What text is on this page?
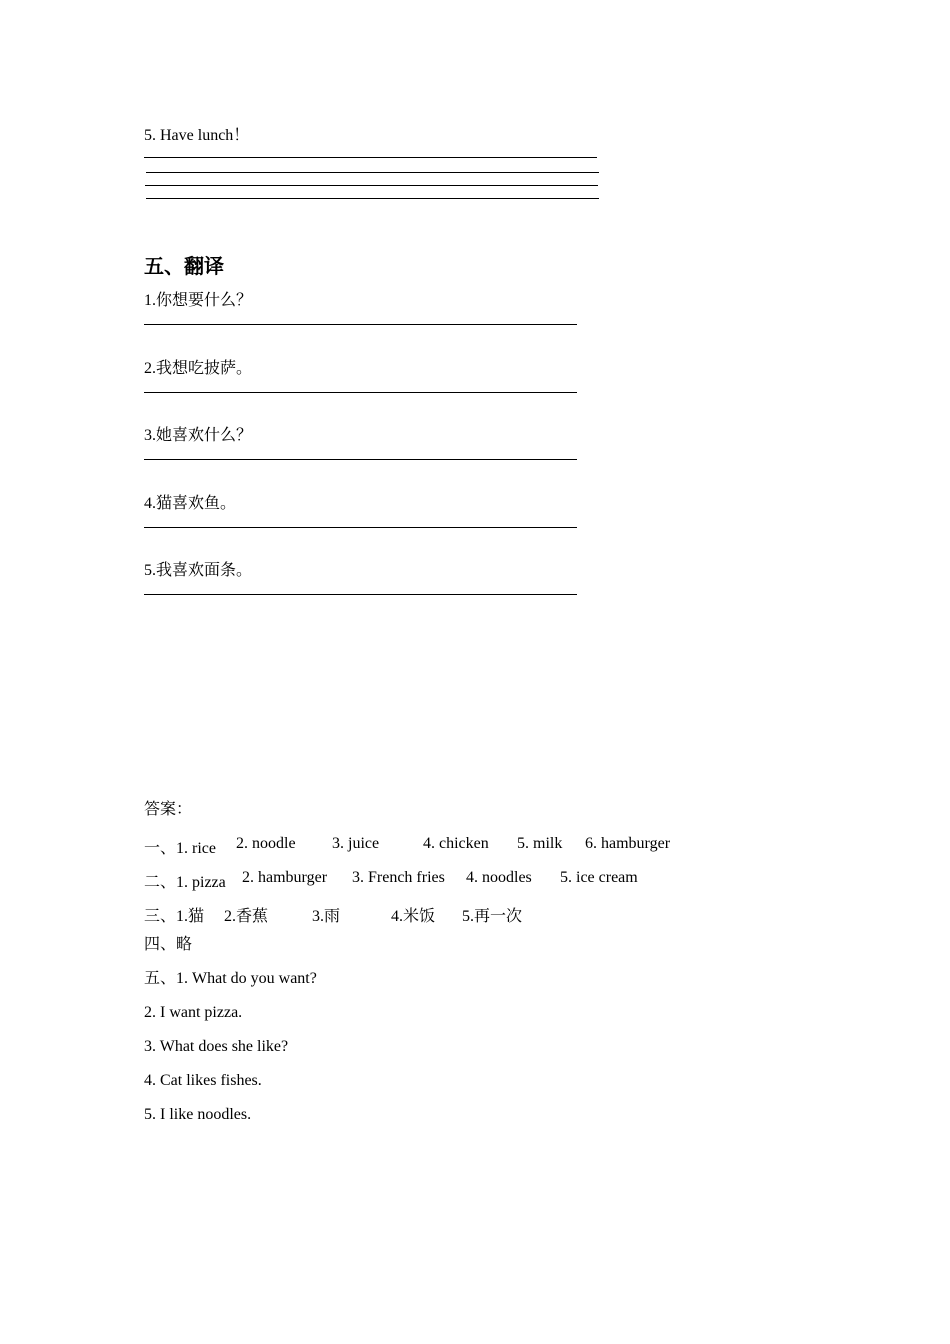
5. Have lunch！
五、翻译
1.你想要什么？
2.我想吃披萨。
3.她喜欢什么？
4.猫喜欢鱼。
5.我喜欢面条。
答案：
一、1. rice 2. noodle 3. juice	4. chicken 5. milk 6. hamburger
二、1. pizza 2. hamburger 3. French fries 4. noodles 5. ice cream
三、1.猫 2.香蕉	3.雨	4.米饭 5.再一次
四、略
五、1. What do you want?
2. I want pizza.
3. What does she like?
4. Cat likes fishes.
5. I like noodles.
